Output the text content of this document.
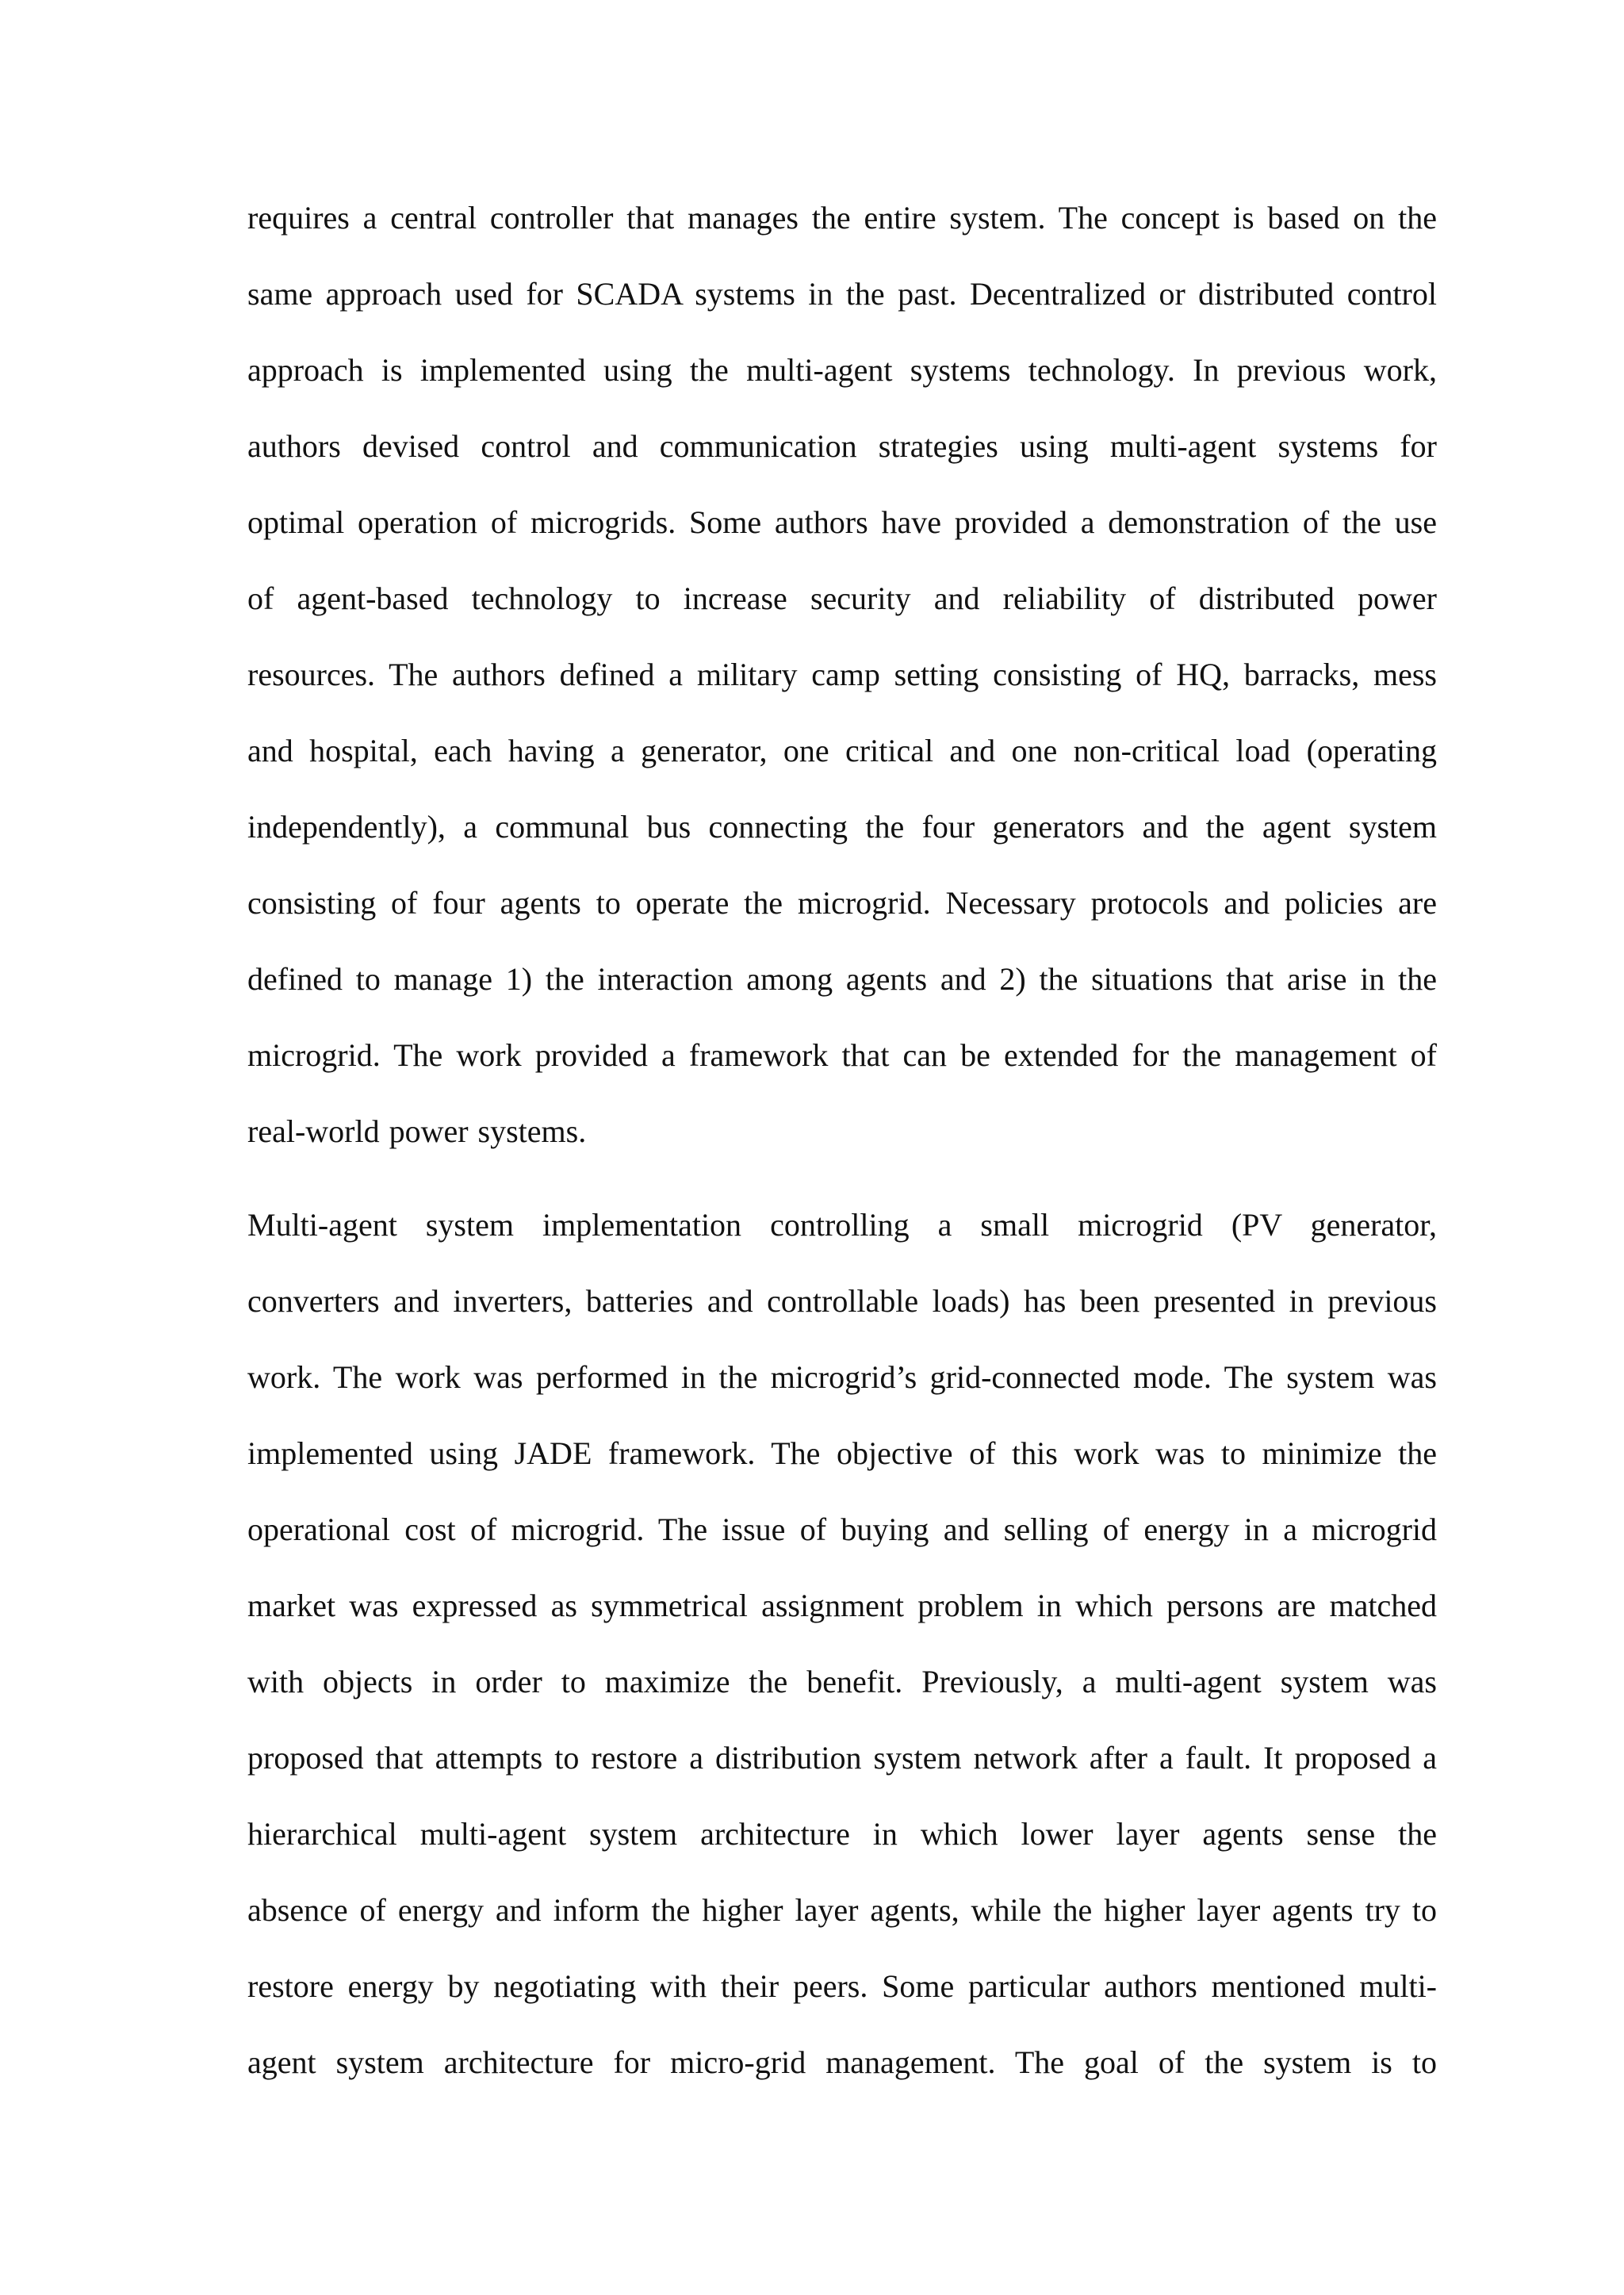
requires a central controller that manages the entire system. The concept is based on the
same approach used for SCADA systems in the past. Decentralized or distributed control
approach is implemented using the multi-agent systems technology. In previous work,
authors devised control and communication strategies using multi-agent systems for
optimal operation of microgrids. Some authors have provided a demonstration of the use
of agent-based technology to increase security and reliability of distributed power
resources. The authors defined a military camp setting consisting of HQ, barracks, mess
and hospital, each having a generator, one critical and one non-critical load (operating
independently), a communal bus connecting the four generators and the agent system
consisting of four agents to operate the microgrid. Necessary protocols and policies are
defined to manage 1) the interaction among agents and 2) the situations that arise in the
microgrid. The work provided a framework that can be extended for the management of
real-world power systems.
Multi-agent system implementation controlling a small microgrid (PV generator,
converters and inverters, batteries and controllable loads) has been presented in previous
work. The work was performed in the microgrid’s grid-connected mode. The system was
implemented using JADE framework. The objective of this work was to minimize the
operational cost of microgrid. The issue of buying and selling of energy in a microgrid
market was expressed as symmetrical assignment problem in which persons are matched
with objects in order to maximize the benefit. Previously, a multi-agent system was
proposed that attempts to restore a distribution system network after a fault. It proposed a
hierarchical multi-agent system architecture in which lower layer agents sense the
absence of energy and inform the higher layer agents, while the higher layer agents try to
restore energy by negotiating with their peers. Some particular authors mentioned multi-
agent system architecture for micro-grid management. The goal of the system is to
